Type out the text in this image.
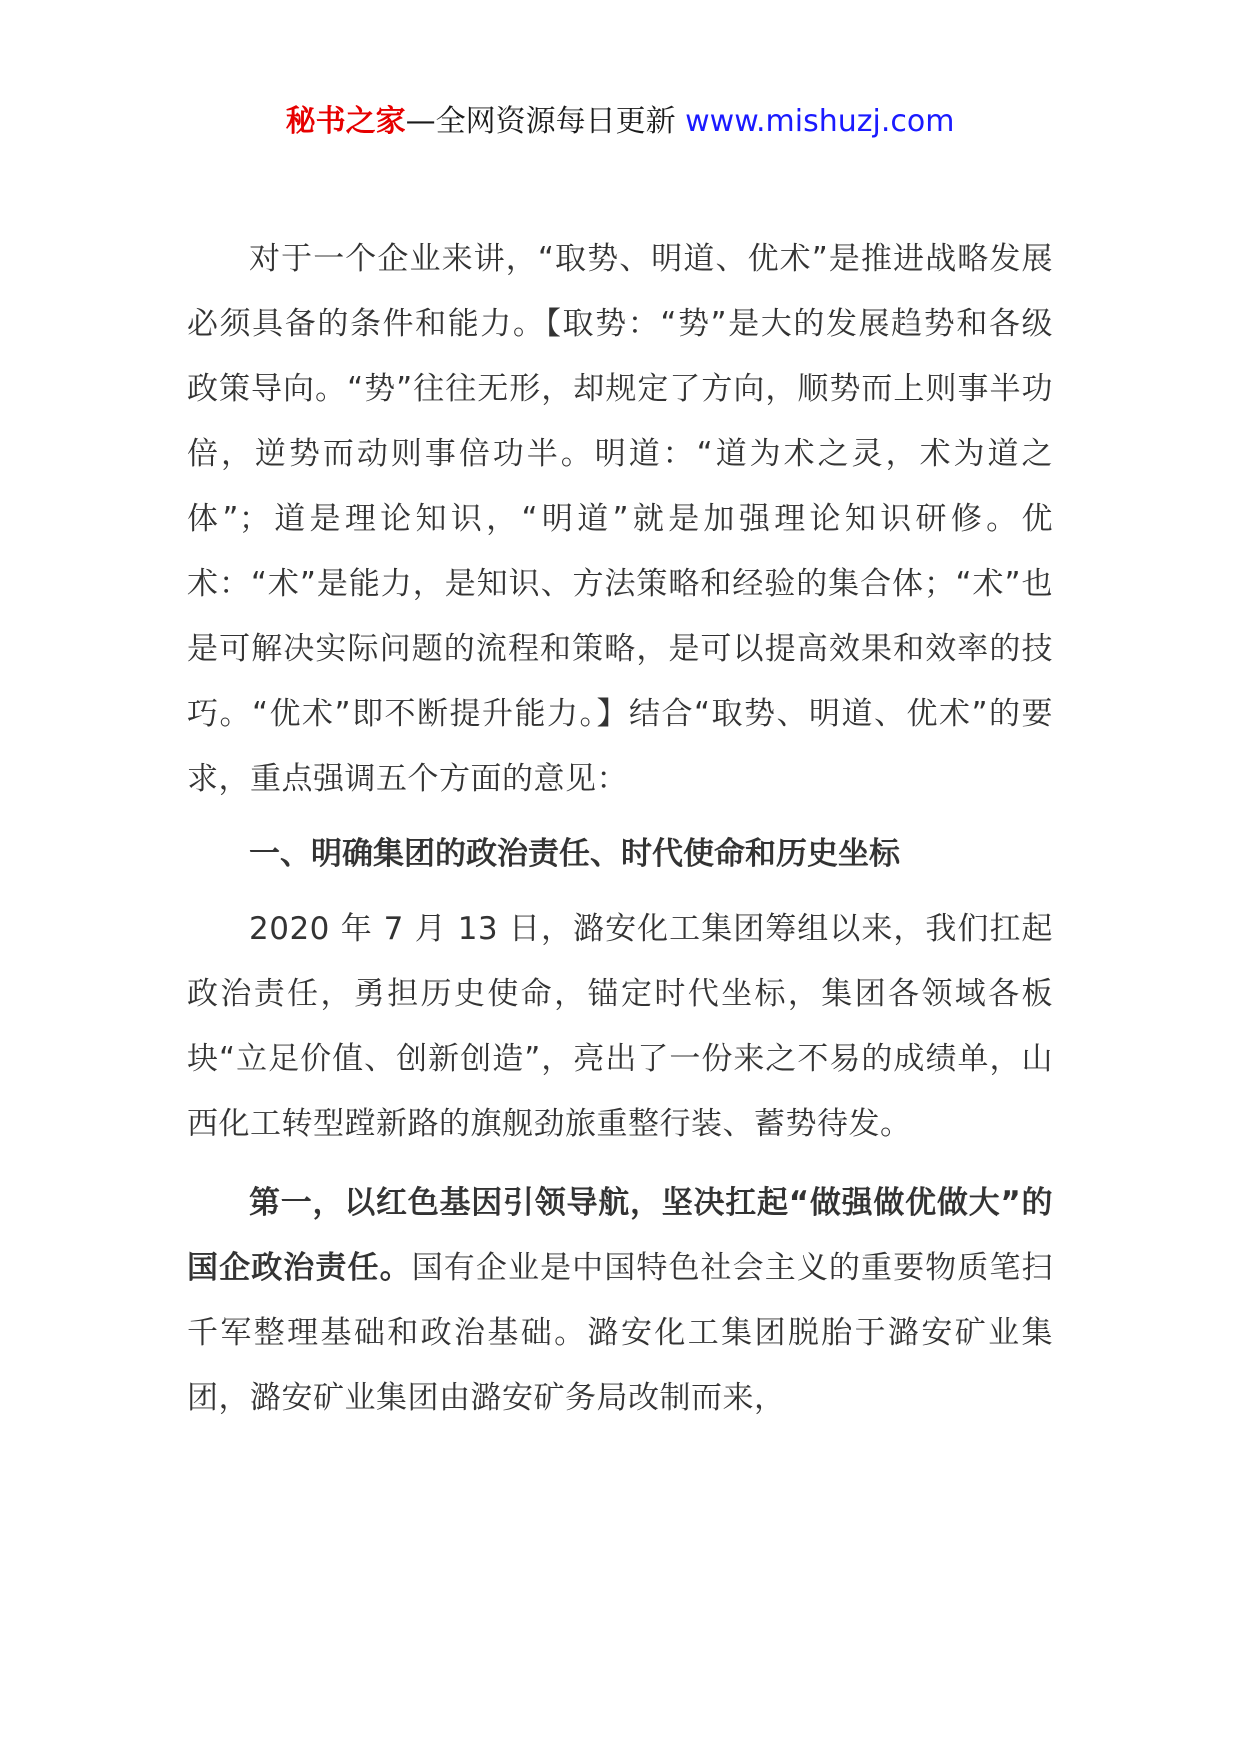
秘书之家—全网资源每日更新 www.mishuzj.com

对于一个企业来讲，“取势、明道、优术”是推进战略发展必须具备的条件和能力。【取势：“势”是大的发展趋势和各级政策导向。“势”往往无形，却规定了方向，顺势而上则事半功倍，逆势而动则事倍功半。明道：“道为术之灵，术为道之体”；道是理论知识，“明道”就是加强理论知识研修。优术：“术”是能力，是知识、方法策略和经验的集合体；“术”也是可解决实际问题的流程和策略，是可以提高效果和效率的技巧。“优术”即不断提升能力。】结合“取势、明道、优术”的要求，重点强调五个方面的意见：

一、明确集团的政治责任、时代使命和历史坐标

2020 年 7 月 13 日，潞安化工集团筹组以来，我们扛起政治责任，勇担历史使命，锚定时代坐标，集团各领域各板块“立足价值、创新创造”，亮出了一份来之不易的成绩单，山西化工转型蹚新路的旗舰劲旅重整行装、蓄势待发。

第一，以红色基因引领导航，坚决扛起“做强做优做大”的国企政治责任。国有企业是中国特色社会主义的重要物质笔扫千军整理基础和政治基础。潞安化工集团脱胎于潞安矿业集团，潞安矿业集团由潞安矿务局改制而来，
